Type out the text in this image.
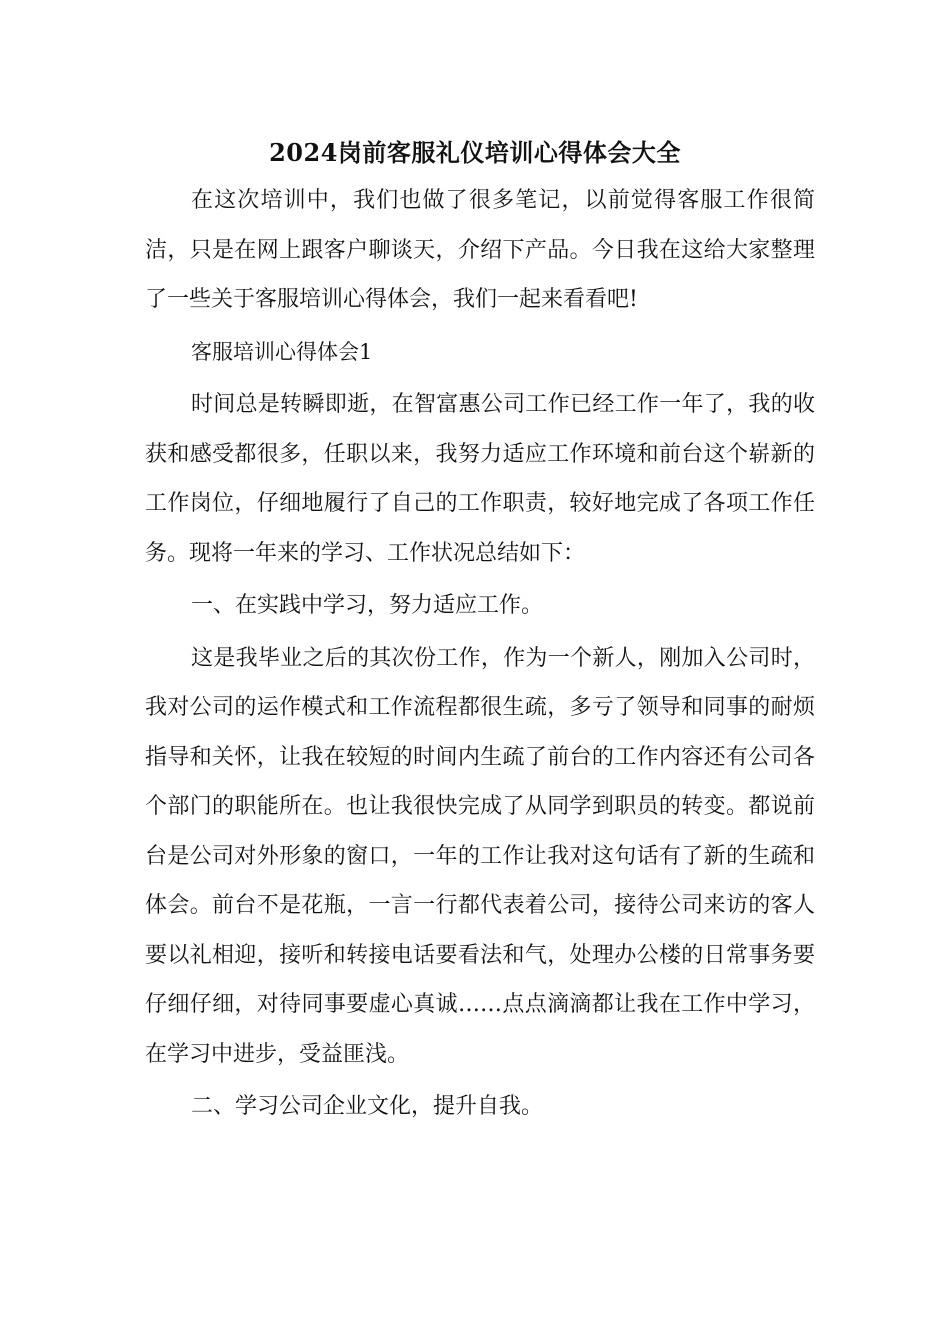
2024岗前客服礼仪培训心得体会大全

在这次培训中，我们也做了很多笔记，以前觉得客服工作很简洁，只是在网上跟客户聊谈天，介绍下产品。今日我在这给大家整理了一些关于客服培训心得体会，我们一起来看看吧!

客服培训心得体会1

时间总是转瞬即逝，在智富惠公司工作已经工作一年了，我的收获和感受都很多，任职以来，我努力适应工作环境和前台这个崭新的工作岗位，仔细地履行了自己的工作职责，较好地完成了各项工作任务。现将一年来的学习、工作状况总结如下：

一、在实践中学习，努力适应工作。

这是我毕业之后的其次份工作，作为一个新人，刚加入公司时，我对公司的运作模式和工作流程都很生疏，多亏了领导和同事的耐烦指导和关怀，让我在较短的时间内生疏了前台的工作内容还有公司各个部门的职能所在。也让我很快完成了从同学到职员的转变。都说前台是公司对外形象的窗口，一年的工作让我对这句话有了新的生疏和体会。前台不是花瓶，一言一行都代表着公司，接待公司来访的客人要以礼相迎，接听和转接电话要看法和气，处理办公楼的日常事务要仔细仔细，对待同事要虚心真诚……点点滴滴都让我在工作中学习，在学习中进步，受益匪浅。

二、学习公司企业文化，提升自我。
